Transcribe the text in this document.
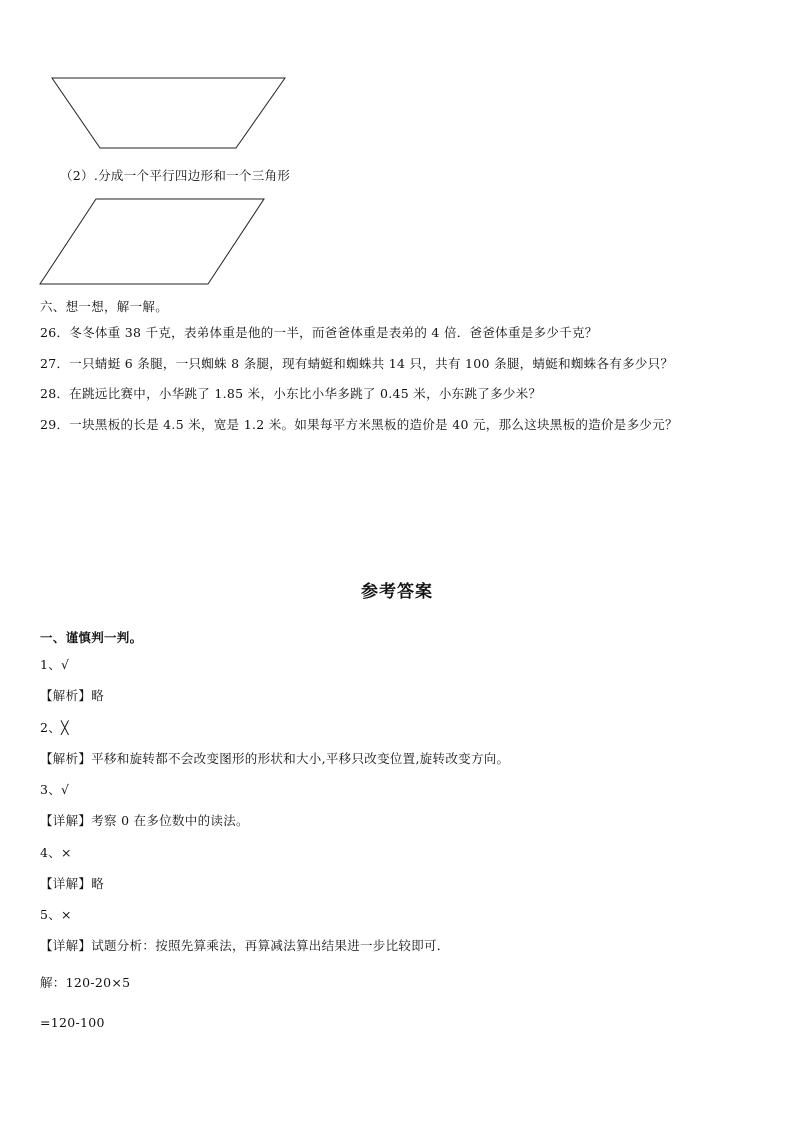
（2）.分成一个平行四边形和一个三角形
六、想一想，解一解。
26．冬冬体重 38 千克，表弟体重是他的一半，而爸爸体重是表弟的 4 倍．爸爸体重是多少千克？
27．一只蜻蜓 6 条腿，一只蜘蛛 8 条腿，现有蜻蜓和蜘蛛共 14 只，共有 100 条腿，蜻蜓和蜘蛛各有多少只？
28．在跳远比赛中，小华跳了 1.85 米，小东比小华多跳了 0.45 米，小东跳了多少米？
29．一块黑板的长是 4.5 米，宽是 1.2 米。如果每平方米黑板的造价是 40 元，那么这块黑板的造价是多少元？
参考答案
一、谨慎判一判。
1、√
【解析】略
2、╳
【解析】平移和旋转都不会改变图形的形状和大小,平移只改变位置,旋转改变方向。
3、√
【详解】考察 0 在多位数中的读法。
4、×
【详解】略
5、×
【详解】试题分析：按照先算乘法，再算减法算出结果进一步比较即可．
解：120-20×5
=120-100
